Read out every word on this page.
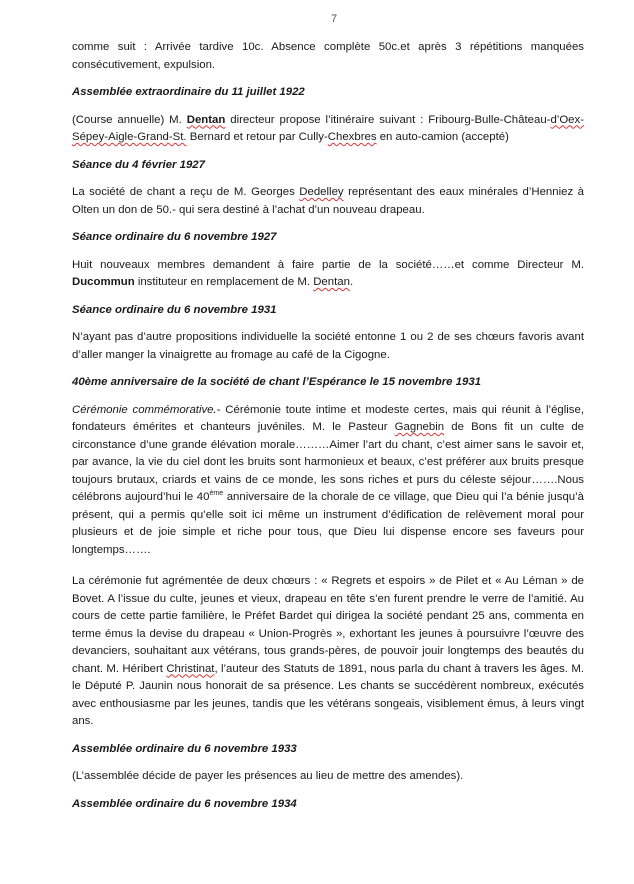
7

comme suit : Arrivée tardive 10c. Absence complète 50c.et après 3 répétitions manquées consécutivement, expulsion.

Assemblée extraordinaire du 11 juillet 1922

(Course annuelle) M. Dentan directeur propose l’itinéraire suivant : Fribourg-Bulle-Château-d’Oex-Sépey-Aigle-Grand-St. Bernard et retour par Cully-Chexbres en auto-camion (accepté)

Séance du 4 février 1927

La société de chant a reçu de M. Georges Dedelley représentant des eaux minérales d’Henniez à Olten un don de 50.- qui sera destiné à l’achat d’un nouveau drapeau.

Séance ordinaire du 6 novembre 1927

Huit nouveaux membres demandent à faire partie de la société……et comme Directeur M. Ducommun instituteur en remplacement de M. Dentan.

Séance ordinaire du 6 novembre 1931

N’ayant pas d’autre propositions individuelle la société entonne 1 ou 2 de ses chœurs favoris avant d’aller manger la vinaigrette au fromage au café de la Cigogne.

40ème anniversaire de la société de chant l’Espérance le 15 novembre 1931

Cérémonie commémorative.- Cérémonie toute intime et modeste certes, mais qui réunit à l’église, fondateurs émérites et chanteurs juvéniles. M. le Pasteur Gagnebin de Bons fit un culte de circonstance d’une grande élévation morale………Aimer l’art du chant, c’est aimer sans le savoir et, par avance, la vie du ciel dont les bruits sont harmonieux et beaux, c’est préférer aux bruits presque toujours brutaux, criards et vains de ce monde, les sons riches et purs du céleste séjour…….Nous célébrons aujourd’hui le 40ème anniversaire de la chorale de ce village, que Dieu qui l’a bénie jusqu’à présent, qui a permis qu’elle soit ici même un instrument d’édification de relèvement moral pour plusieurs et de joie simple et riche pour tous, que Dieu lui dispense encore ses faveurs pour longtemps…….

La cérémonie fut agrémentée de deux chœurs : « Regrets et espoirs » de Pilet et « Au Léman » de Bovet. A l’issue du culte, jeunes et vieux, drapeau en tête s’en furent prendre le verre de l’amitié. Au cours de cette partie familière, le Préfet Bardet qui dirigea la société pendant 25 ans, commenta en terme émus la devise du drapeau « Union-Progrès », exhortant les jeunes à poursuivre l’œuvre des devanciers, souhaitant aux vétérans, tous grands-pères, de pouvoir jouir longtemps des beautés du chant. M. Héribert Christinat, l’auteur des Statuts de 1891, nous parla du chant à travers les âges. M. le Député P. Jaunin nous honorait de sa présence. Les chants se succédèrent nombreux, exécutés avec enthousiasme par les jeunes, tandis que les vétérans songeais, visiblement émus, à leurs vingt ans.

Assemblée ordinaire du 6 novembre 1933

(L’assemblée décide de payer les présences au lieu de mettre des amendes).

Assemblée ordinaire du 6 novembre 1934
